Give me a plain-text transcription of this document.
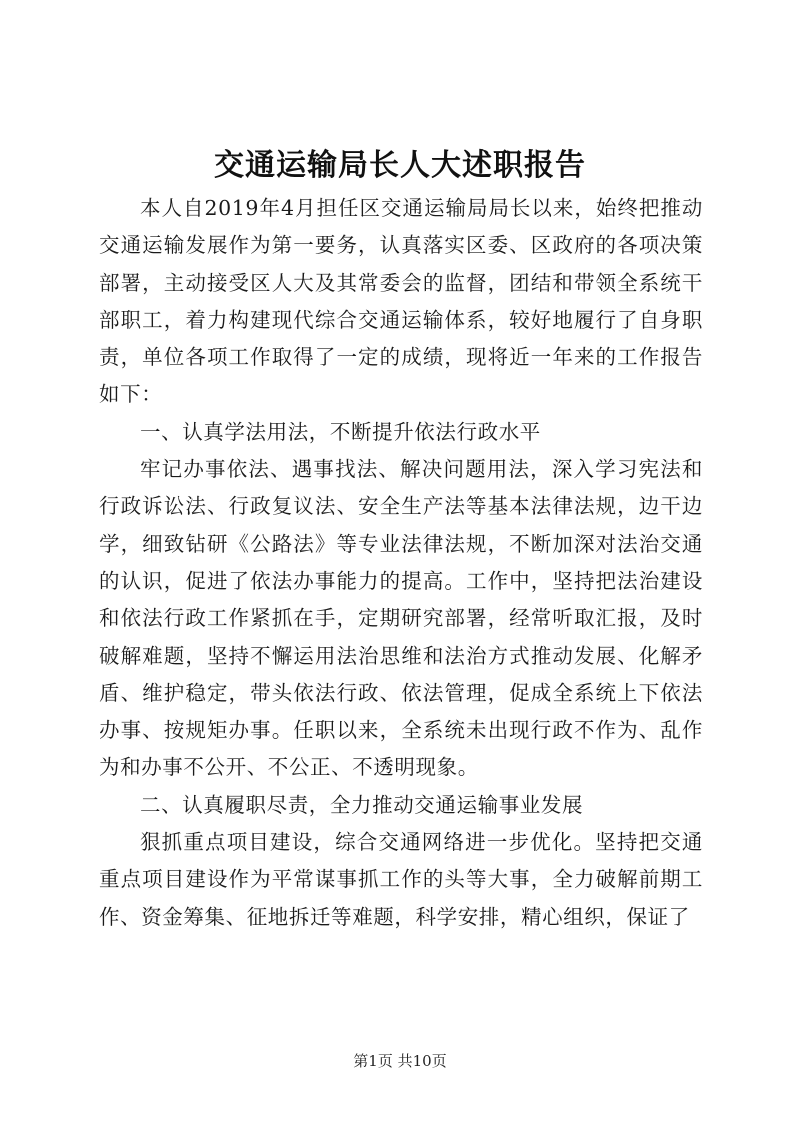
交通运输局长人大述职报告

本人自2019年4月担任区交通运输局局长以来，始终把推动交通运输发展作为第一要务，认真落实区委、区政府的各项决策部署，主动接受区人大及其常委会的监督，团结和带领全系统干部职工，着力构建现代综合交通运输体系，较好地履行了自身职责，单位各项工作取得了一定的成绩，现将近一年来的工作报告如下：

一、认真学法用法，不断提升依法行政水平

牢记办事依法、遇事找法、解决问题用法，深入学习宪法和行政诉讼法、行政复议法、安全生产法等基本法律法规，边干边学，细致钻研《公路法》等专业法律法规，不断加深对法治交通的认识，促进了依法办事能力的提高。工作中，坚持把法治建设和依法行政工作紧抓在手，定期研究部署，经常听取汇报，及时破解难题，坚持不懈运用法治思维和法治方式推动发展、化解矛盾、维护稳定，带头依法行政、依法管理，促成全系统上下依法办事、按规矩办事。任职以来，全系统未出现行政不作为、乱作为和办事不公开、不公正、不透明现象。

二、认真履职尽责，全力推动交通运输事业发展

狠抓重点项目建设，综合交通网络进一步优化。坚持把交通重点项目建设作为平常谋事抓工作的头等大事，全力破解前期工作、资金筹集、征地拆迁等难题，科学安排，精心组织，保证了

第1页 共10页
